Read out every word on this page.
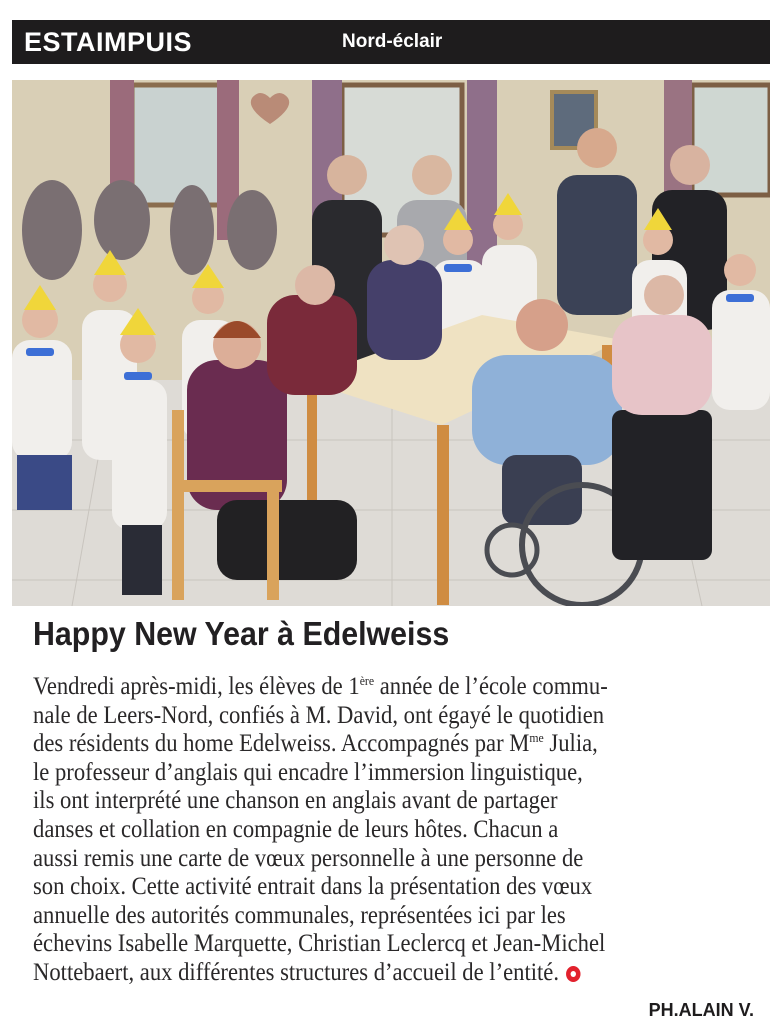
ESTAIMPUIS	Nord-éclair
Happy New Year à Edelweiss
Vendredi après-midi, les élèves de 1ère année de l’école commu-
nale de Leers-Nord, confiés à M. David, ont égayé le quotidien
des résidents du home Edelweiss. Accompagnés par $M^{me}$ Julia,
le professeur d’anglais qui encadre l’immersion linguistique,
ils ont interprété une chanson en anglais avant de partager
danses et collation en compagnie de leurs hôtes. Chacun a
aussi remis une carte de vœux personnelle à une personne de
son choix. Cette activité entrait dans la présentation des vœux
annuelle des autorités communales, représentées ici par les
échevins Isabelle Marquette, Christian Leclercq et Jean-Michel
Nottebaert, aux différentes structures d’accueil de l’entité.
PH.ALAIN V.
